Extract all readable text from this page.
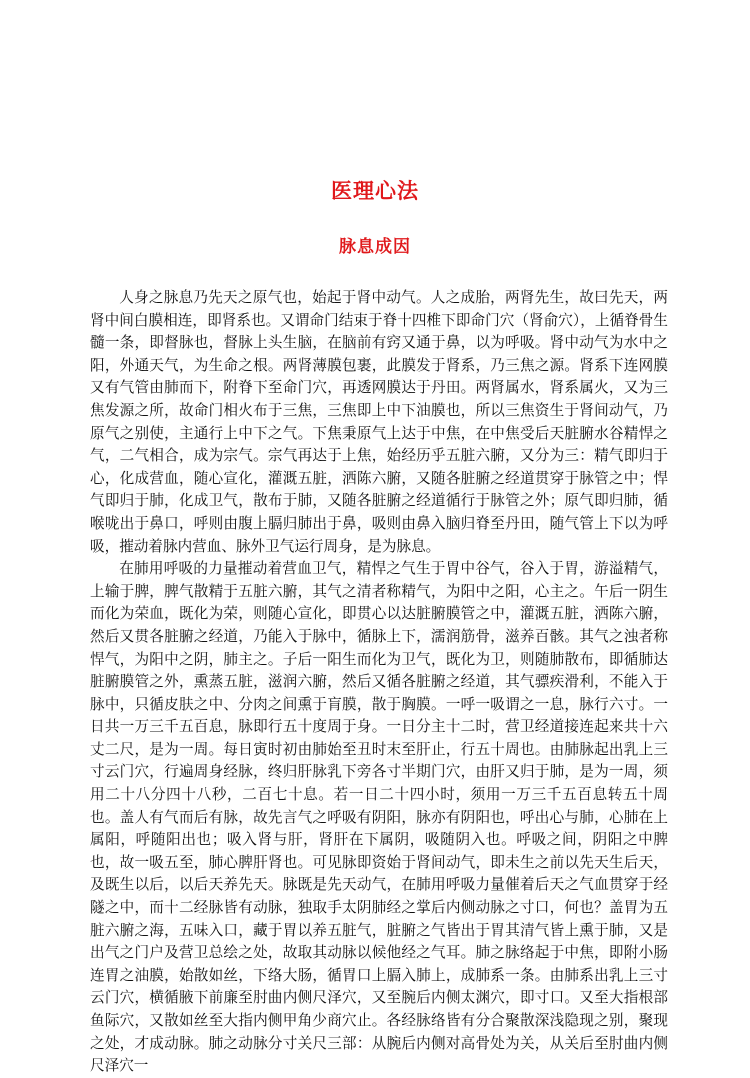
医理心法
脉息成因

人身之脉息乃先天之原气也，始起于肾中动气。人之成胎，两肾先生，故曰先天，两肾中间白膜相连，即肾系也。又谓命门结束于脊十四椎下即命门穴（肾俞穴），上循脊骨生髓一条，即督脉也，督脉上头生脑，在脑前有窍又通于鼻，以为呼吸。肾中动气为水中之阳，外通天气，为生命之根。两肾薄膜包裹，此膜发于肾系，乃三焦之源。肾系下连网膜又有气管由肺而下，附脊下至命门穴，再透网膜达于丹田。两肾属水，肾系属火，又为三焦发源之所，故命门相火布于三焦，三焦即上中下油膜也，所以三焦资生于肾间动气，乃原气之别使，主通行上中下之气。下焦秉原气上达于中焦，在中焦受后天脏腑水谷精悍之气，二气相合，成为宗气。宗气再达于上焦，始经历乎五脏六腑，又分为三：精气即归于心，化成营血，随心宣化，灌溉五脏，洒陈六腑，又随各脏腑之经道贯穿于脉管之中；悍气即归于肺，化成卫气，散布于肺，又随各脏腑之经道循行于脉管之外；原气即归肺，循喉咙出于鼻口，呼则由腹上膈归肺出于鼻，吸则由鼻入脑归脊至丹田，随气管上下以为呼吸，摧动着脉内营血、脉外卫气运行周身，是为脉息。

在肺用呼吸的力量摧动着营血卫气，精悍之气生于胃中谷气，谷入于胃，游溢精气，上输于脾，脾气散精于五脏六腑，其气之清者称精气，为阳中之阳，心主之。午后一阴生而化为荣血，既化为荣，则随心宣化，即贯心以达脏腑膜管之中，灌溉五脏，洒陈六腑，然后又贯各脏腑之经道，乃能入于脉中，循脉上下，濡润筋骨，滋养百骸。其气之浊者称悍气，为阳中之阴，肺主之。子后一阳生而化为卫气，既化为卫，则随肺散布，即循肺达脏腑膜管之外，熏蒸五脏，滋润六腑，然后又循各脏腑之经道，其气骠疾滑利，不能入于脉中，只循皮肤之中、分肉之间熏于肓膜，散于胸膜。一呼一吸谓之一息，脉行六寸。一日共一万三千五百息，脉即行五十度周于身。一日分主十二时，营卫经道接连起来共十六丈二尺，是为一周。每日寅时初由肺始至丑时末至肝止，行五十周也。由肺脉起出乳上三寸云门穴，行遍周身经脉，终归肝脉乳下旁各寸半期门穴，由肝又归于肺，是为一周，须用二十八分四十八秒，二百七十息。若一日二十四小时，须用一万三千五百息转五十周也。盖人有气而后有脉，故先言气之呼吸有阴阳，脉亦有阴阳也，呼出心与肺，心肺在上属阳，呼随阳出也；吸入肾与肝，肾肝在下属阴，吸随阴入也。呼吸之间，阴阳之中脾也，故一吸五至，肺心脾肝肾也。可见脉即资始于肾间动气，即未生之前以先天生后天，及既生以后，以后天养先天。脉既是先天动气，在肺用呼吸力量催着后天之气血贯穿于经隧之中，而十二经脉皆有动脉，独取手太阴肺经之掌后内侧动脉之寸口，何也？盖胃为五脏六腑之海，五味入口，藏于胃以养五脏气，脏腑之气皆出于胃其清气皆上熏于肺，又是出气之门户及营卫总绘之处，故取其动脉以候他经之气耳。肺之脉络起于中焦，即附小肠连胃之油膜，始散如丝，下络大肠，循胃口上膈入肺上，成肺系一条。由肺系出乳上三寸云门穴，横循腋下前廉至肘曲内侧尺泽穴，又至腕后内侧太渊穴，即寸口。又至大指根部鱼际穴，又散如丝至大指内侧甲角少商穴止。各经脉络皆有分合聚散深浅隐现之别，聚现之处，才成动脉。肺之动脉分寸关尺三部：从腕后内侧对高骨处为关，从关后至肘曲内侧尺泽穴一
